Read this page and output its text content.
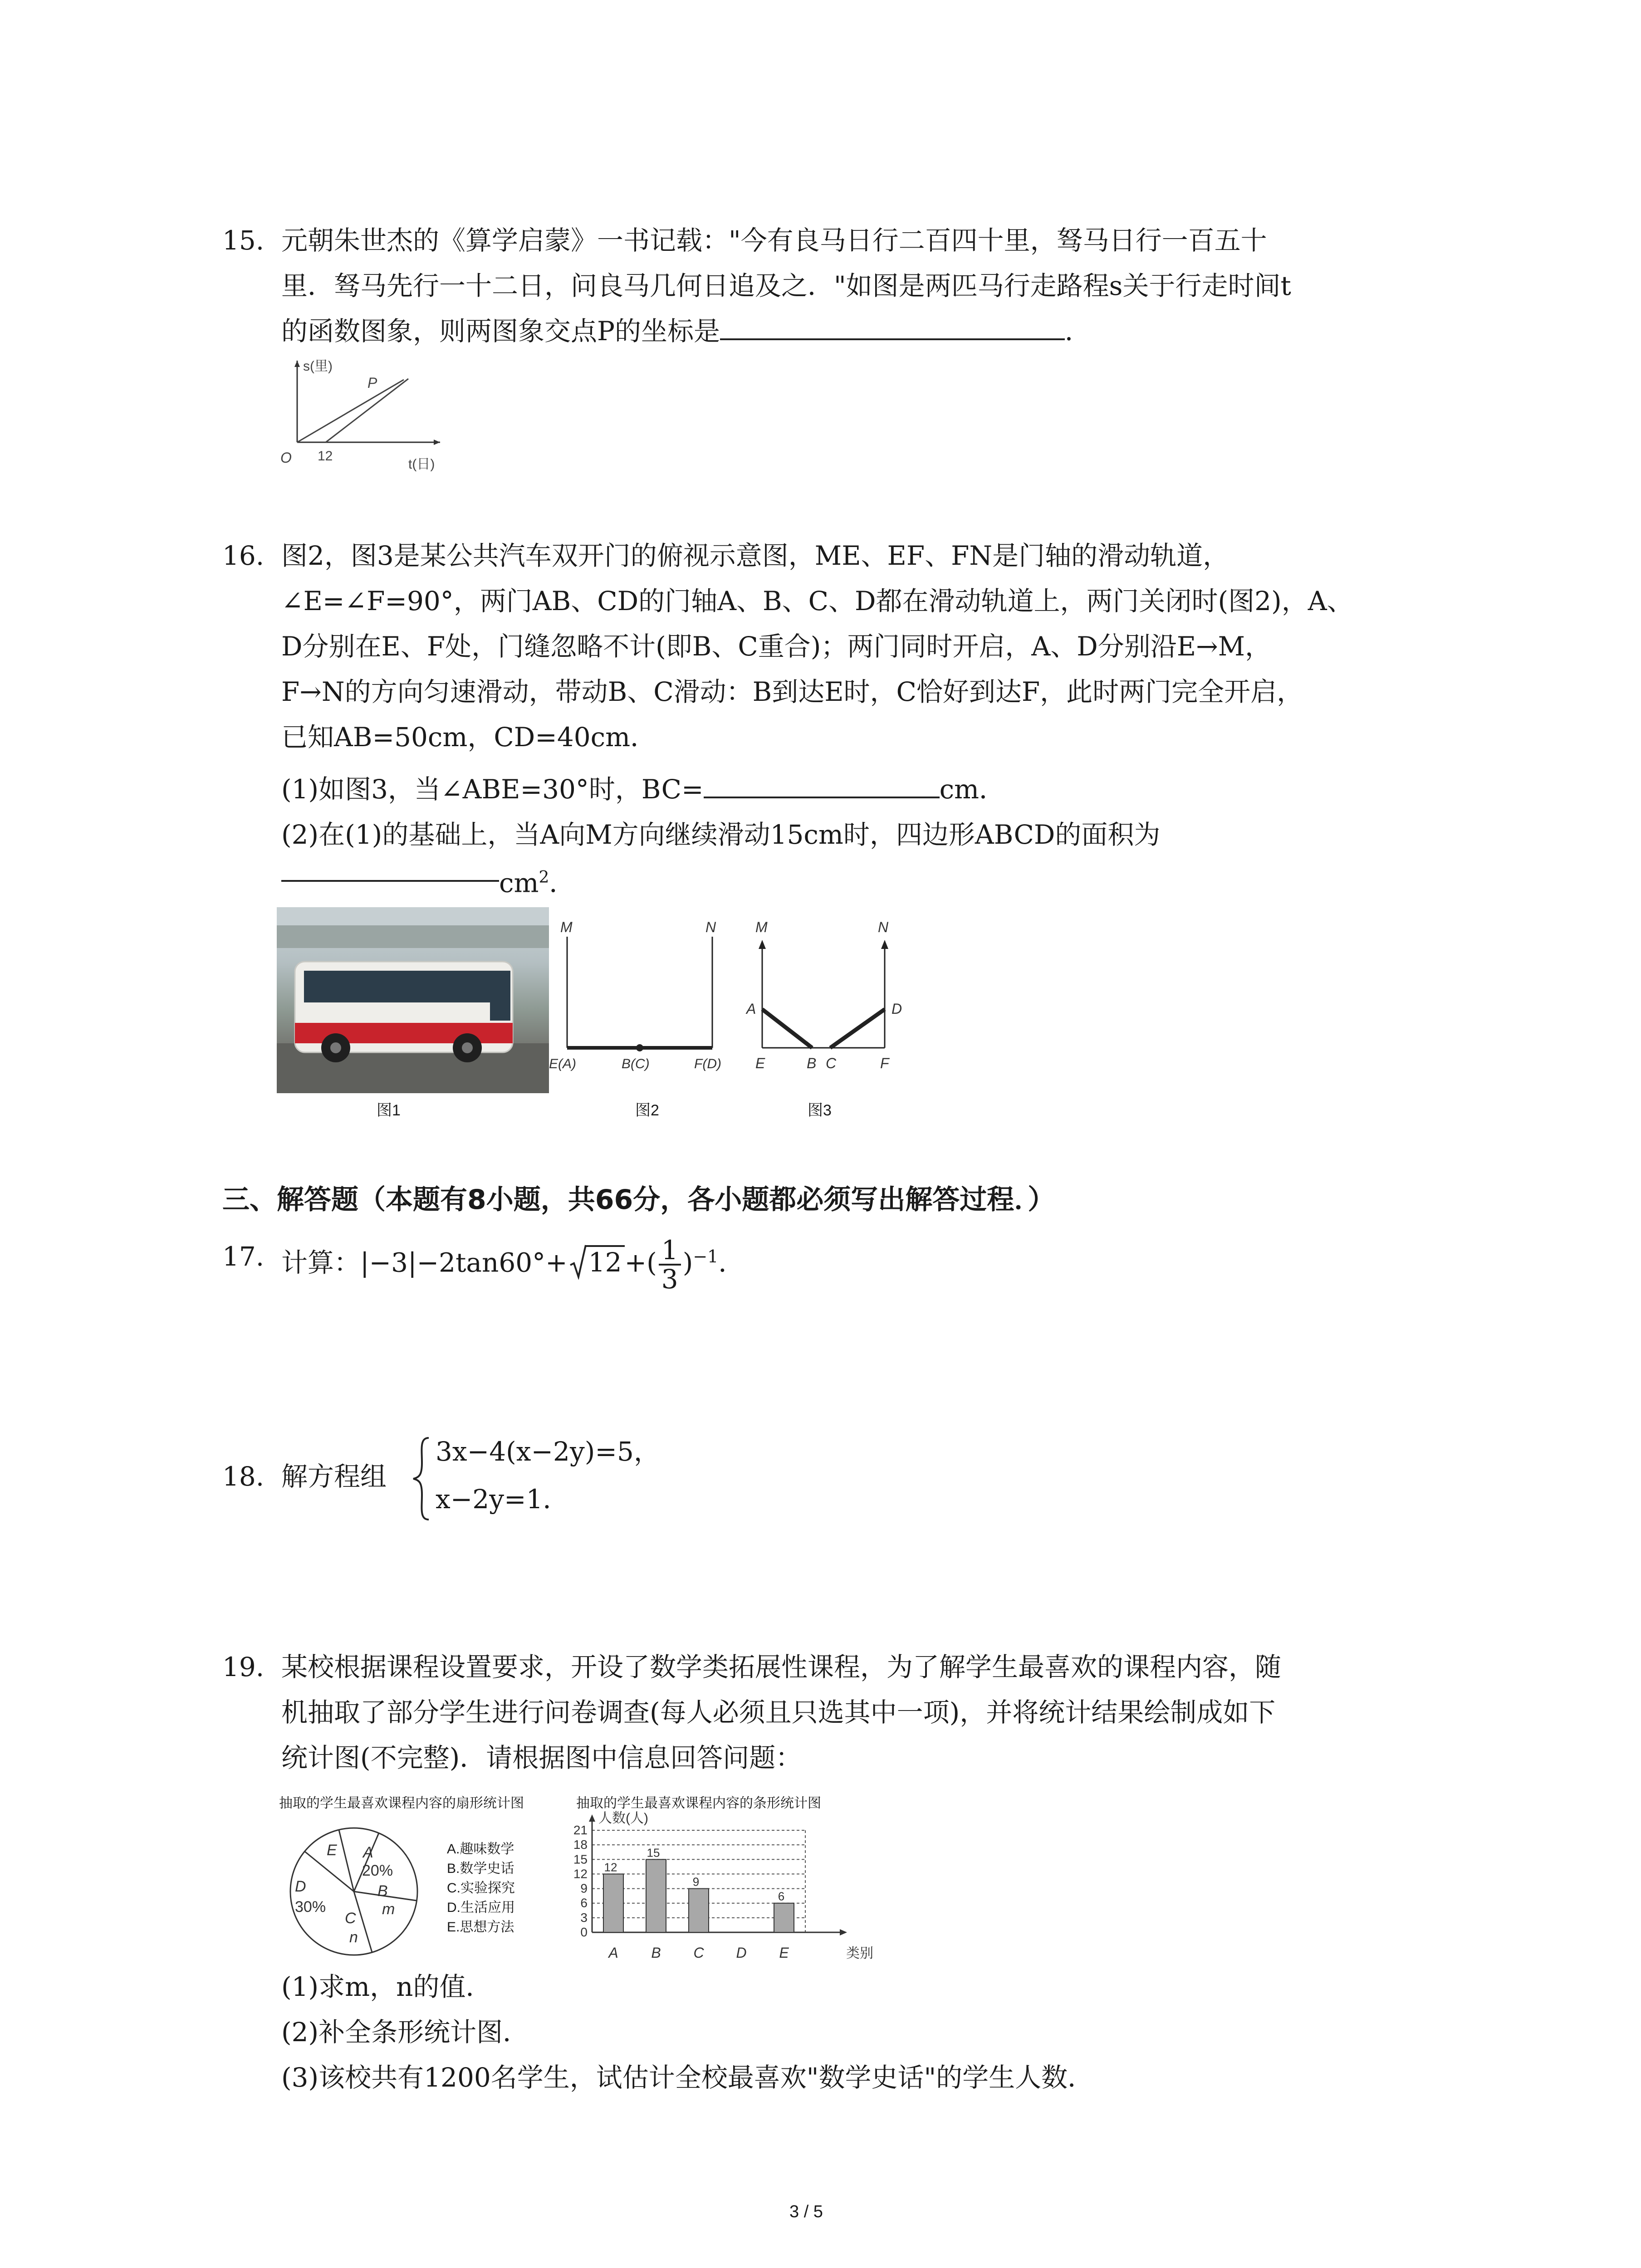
15. 元朝朱世杰的《算学启蒙》一书记载："今有良马日行二百四十里，驽马日行一百五十
里．驽马先行一十二日，问良马几何日追及之．"如图是两匹马行走路程s关于行走时间t
的函数图象，则两图象交点P的坐标是	．
s(里)
t(日)
O 12
P
16. 图2，图3是某公共汽车双开门的俯视示意图，ME、EF、FN是门轴的滑动轨道，
∠E=∠F=90°，两门AB、CD的门轴A、B、C、D都在滑动轨道上，两门关闭时(图2)，A、
D分别在E、F处，门缝忽略不计(即B、C重合)；两门同时开启，A、D分别沿E→M，
F→N的方向匀速滑动，带动B、C滑动：B到达E时，C恰好到达F，此时两门完全开启，
已知AB=50cm，CD=40cm．
(1)如图3，当∠ABE=30°时，BC=	cm．
(2)在(1)的基础上，当A向M方向继续滑动15cm时，四边形ABCD的面积为
$cm^2$．
图1
M	N
E(A)	B(C)	F(D)
图2
M	N
A	D
E	B C	F
图3
三、解答题（本题有8小题，共66分，各小题都必须写出解答过程．）
17. 计算：|−3|−2tan60°+ 12 +( $\frac{1}{3} )^{-1}$．
18. 解方程组
3x−4(x−2y)=5，
x−2y=1．
19. 某校根据课程设置要求，开设了数学类拓展性课程，为了解学生最喜欢的课程内容，随
机抽取了部分学生进行问卷调查(每人必须且只选其中一项)，并将统计结果绘制成如下
统计图(不完整)．请根据图中信息回答问题：
抽取的学生最喜欢课程内容的扇形统计图	抽取的学生最喜欢课程内容的条形统计图
E A
20%
B
m
C
n
D
30%
A.趣味数学
B.数学史话
C.实验探究
D.生活应用
E.思想方法	0
3
6
9
12
15
18
21
人数(人)
类别
12
A
15
B
9
C D
6
E
(1)求m，n的值．
(2)补全条形统计图．
(3)该校共有1200名学生，试估计全校最喜欢"数学史话"的学生人数．
3 / 5
